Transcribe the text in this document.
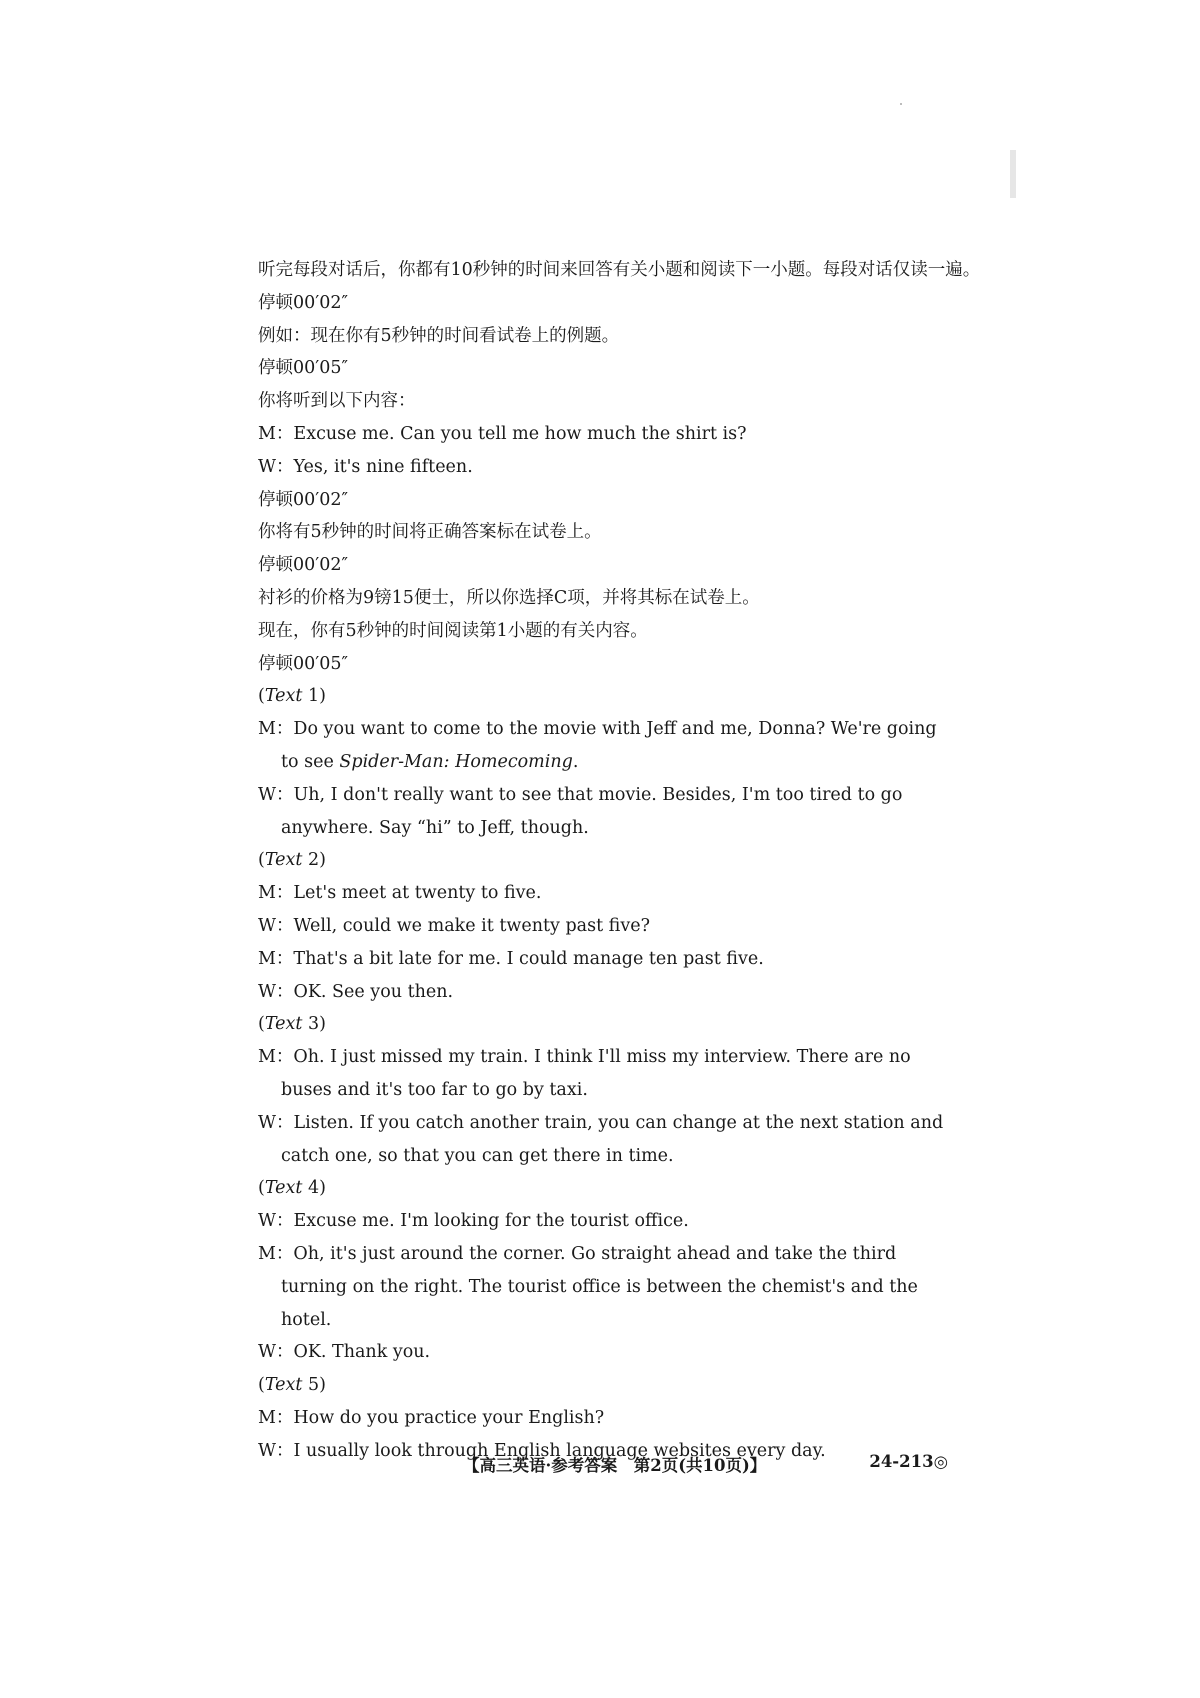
听完每段对话后，你都有10秒钟的时间来回答有关小题和阅读下一小题。每段对话仅读一遍。
停顿00′02″
例如：现在你有5秒钟的时间看试卷上的例题。
停顿00′05″
你将听到以下内容：
M：Excuse me. Can you tell me how much the shirt is?
W：Yes, it's nine fifteen.
停顿00′02″
你将有5秒钟的时间将正确答案标在试卷上。
停顿00′02″
衬衫的价格为9镑15便士，所以你选择C项，并将其标在试卷上。
现在，你有5秒钟的时间阅读第1小题的有关内容。
停顿00′05″
(Text 1)
M：Do you want to come to the movie with Jeff and me, Donna? We're going to see Spider-Man: Homecoming.
W：Uh, I don't really want to see that movie. Besides, I'm too tired to go anywhere. Say “hi” to Jeff, though.
(Text 2)
M：Let's meet at twenty to five.
W：Well, could we make it twenty past five?
M：That's a bit late for me. I could manage ten past five.
W：OK. See you then.
(Text 3)
M：Oh. I just missed my train. I think I'll miss my interview. There are no buses and it's too far to go by taxi.
W：Listen. If you catch another train, you can change at the next station and catch one, so that you can get there in time.
(Text 4)
W：Excuse me. I'm looking for the tourist office.
M：Oh, it's just around the corner. Go straight ahead and take the third turning on the right. The tourist office is between the chemist's and the hotel.
W：OK. Thank you.
(Text 5)
M：How do you practice your English?
W：I usually look through English language websites every day.
【高三英语·参考答案　第2页(共10页)】	24-213◎
